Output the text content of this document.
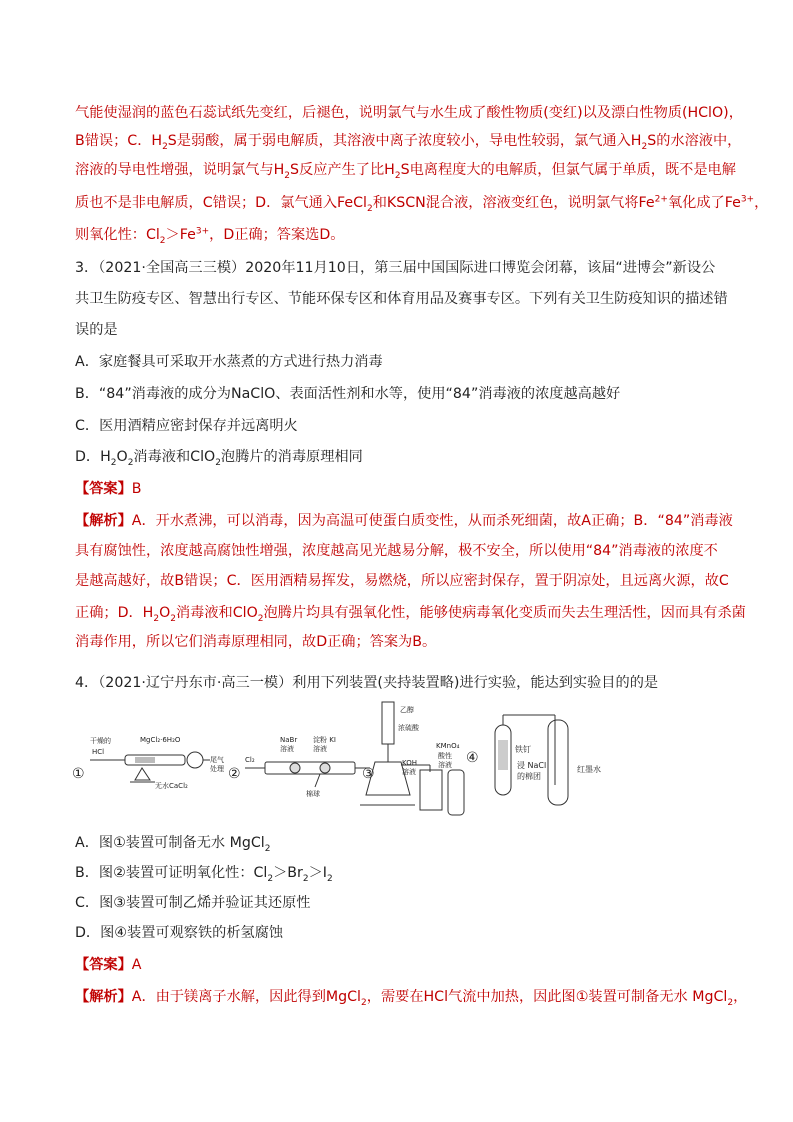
气能使湿润的蓝色石蕊试纸先变红，后褪色，说明氯气与水生成了酸性物质(变红)以及漂白性物质(HClO)，
B错误；C．$H_2S$是弱酸，属于弱电解质，其溶液中离子浓度较小，导电性较弱，氯气通入$H_2S$的水溶液中，
溶液的导电性增强，说明氯气与$H_2S$反应产生了比$H_2S$电离程度大的电解质，但氯气属于单质，既不是电解
质也不是非电解质，C错误；D．氯气通入FeCl$_2$和KSCN混合液，溶液变红色，说明氯气将$Fe^{2+}$氧化成了$Fe^{3+}$，
则氧化性：$Cl_2>Fe^{3+}$，D正确；答案选D。
3．（2021·全国高三三模）2020年11月10日，第三届中国国际进口博览会闭幕，该届“进博会”新设公
共卫生防疫专区、智慧出行专区、节能环保专区和体育用品及赛事专区。下列有关卫生防疫知识的描述错
误的是
A．家庭餐具可采取开水蒸煮的方式进行热力消毒
B．“84”消毒液的成分为NaClO、表面活性剂和水等，使用“84”消毒液的浓度越高越好
C．医用酒精应密封保存并远离明火
D．$H_2O_2$消毒液和ClO$_2$泡腾片的消毒原理相同
【答案】B
【解析】A．开水煮沸，可以消毒，因为高温可使蛋白质变性，从而杀死细菌，故A正确；B．“84”消毒液
具有腐蚀性，浓度越高腐蚀性增强，浓度越高见光越易分解，极不安全，所以使用“84”消毒液的浓度不
是越高越好，故B错误；C．医用酒精易挥发，易燃烧，所以应密封保存，置于阴凉处，且远离火源，故C
正确；D．$H_2O_2$消毒液和ClO$_2$泡腾片均具有强氧化性，能够使病毒氧化变质而失去生理活性，因而具有杀菌
消毒作用，所以它们消毒原理相同，故D正确；答案为B。
4．（2021·辽宁丹东市·高三一模）利用下列装置(夹持装置略)进行实验，能达到实验目的的是
①
干燥的
HCl
MgCl₂·6H₂O
尾气
处理
无水CaCl₂
②
Cl₂
NaBr
溶液
淀粉 KI
溶液
棉球
③
乙醇
浓硫酸
KOH
溶液
KMnO₄
酸性
溶液 ④
铁钉
浸 NaCl
的棉团
红墨水
A．图①装置可制备无水 MgCl$_2$
B．图②装置可证明氧化性：$Cl_2>Br_2>I_2$
C．图③装置可制乙烯并验证其还原性
D．图④装置可观察铁的析氢腐蚀
【答案】A
【解析】A．由于镁离子水解，因此得到MgCl$_2$，需要在HCl气流中加热，因此图①装置可制备无水 MgCl$_2$，
